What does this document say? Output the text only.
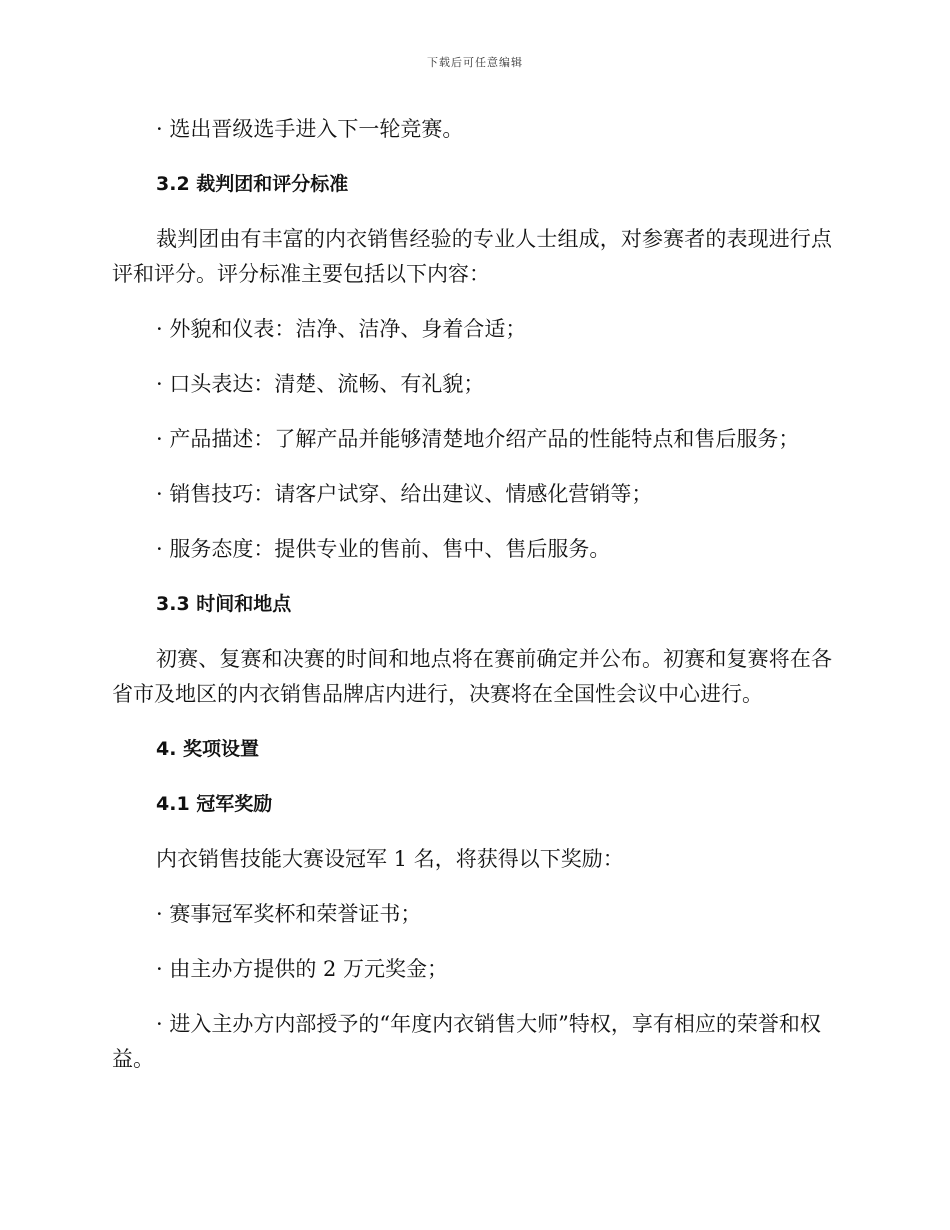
下载后可任意编辑

· 选出晋级选手进入下一轮竞赛。

3.2 裁判团和评分标准

裁判团由有丰富的内衣销售经验的专业人士组成，对参赛者的表现进行点评和评分。评分标准主要包括以下内容：

· 外貌和仪表：洁净、洁净、身着合适；

· 口头表达：清楚、流畅、有礼貌；

· 产品描述：了解产品并能够清楚地介绍产品的性能特点和售后服务；

· 销售技巧：请客户试穿、给出建议、情感化营销等；

· 服务态度：提供专业的售前、售中、售后服务。

3.3 时间和地点

初赛、复赛和决赛的时间和地点将在赛前确定并公布。初赛和复赛将在各省市及地区的内衣销售品牌店内进行，决赛将在全国性会议中心进行。

4. 奖项设置

4.1 冠军奖励

内衣销售技能大赛设冠军 1 名，将获得以下奖励：

· 赛事冠军奖杯和荣誉证书；

· 由主办方提供的 2 万元奖金；

· 进入主办方内部授予的“年度内衣销售大师”特权，享有相应的荣誉和权益。
